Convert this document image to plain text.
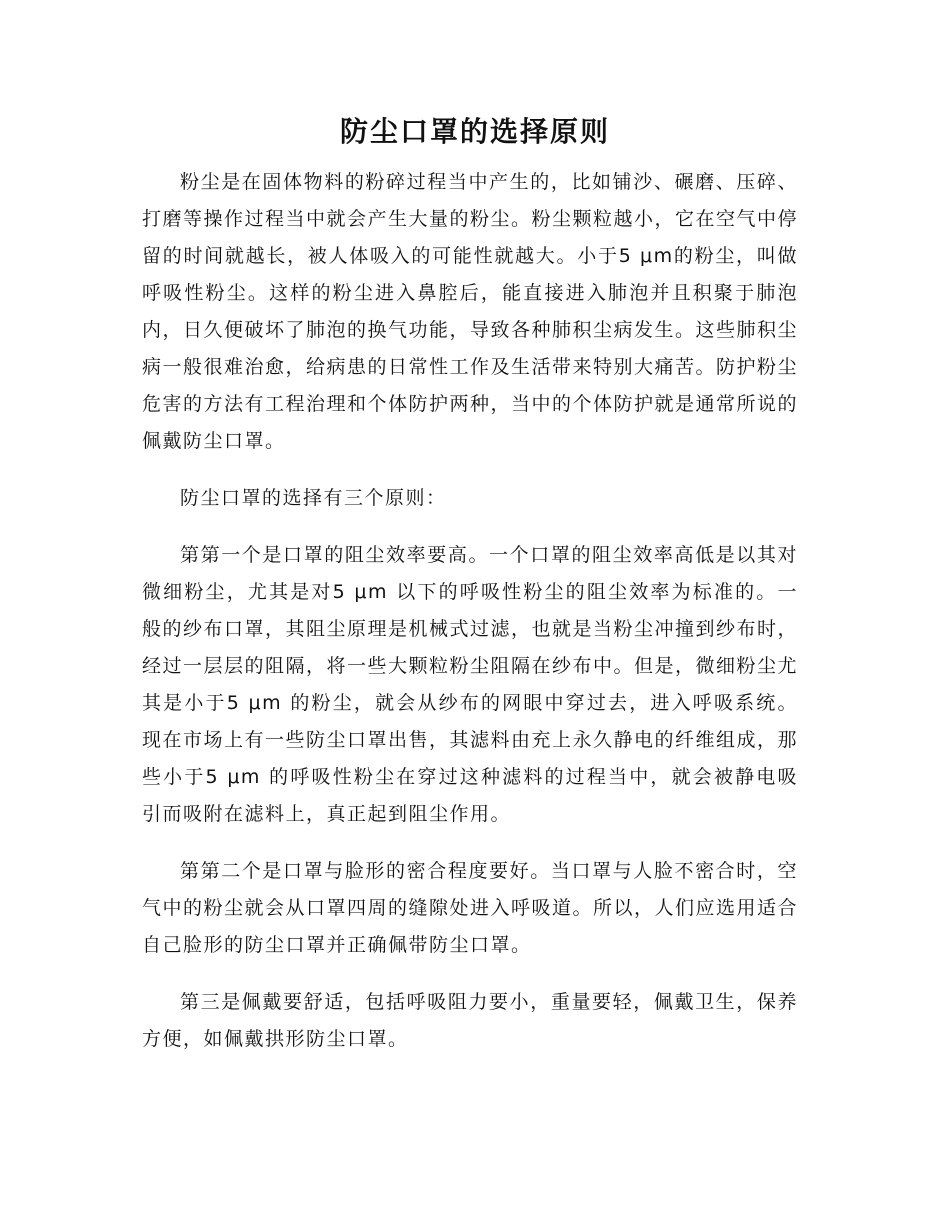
防尘口罩的选择原则

粉尘是在固体物料的粉碎过程当中产生的，比如铺沙、碾磨、压碎、打磨等操作过程当中就会产生大量的粉尘。粉尘颗粒越小，它在空气中停留的时间就越长，被人体吸入的可能性就越大。小于5 μm的粉尘，叫做呼吸性粉尘。这样的粉尘进入鼻腔后，能直接进入肺泡并且积聚于肺泡内，日久便破坏了肺泡的换气功能，导致各种肺积尘病发生。这些肺积尘病一般很难治愈，给病患的日常性工作及生活带来特别大痛苦。防护粉尘危害的方法有工程治理和个体防护两种，当中的个体防护就是通常所说的佩戴防尘口罩。

防尘口罩的选择有三个原则：

第第一个是口罩的阻尘效率要高。一个口罩的阻尘效率高低是以其对微细粉尘，尤其是对5 μm 以下的呼吸性粉尘的阻尘效率为标准的。一般的纱布口罩，其阻尘原理是机械式过滤，也就是当粉尘冲撞到纱布时，经过一层层的阻隔，将一些大颗粒粉尘阻隔在纱布中。但是，微细粉尘尤其是小于5 μm 的粉尘，就会从纱布的网眼中穿过去，进入呼吸系统。现在市场上有一些防尘口罩出售，其滤料由充上永久静电的纤维组成，那些小于5 μm 的呼吸性粉尘在穿过这种滤料的过程当中，就会被静电吸引而吸附在滤料上，真正起到阻尘作用。

第第二个是口罩与脸形的密合程度要好。当口罩与人脸不密合时，空气中的粉尘就会从口罩四周的缝隙处进入呼吸道。所以，人们应选用适合自己脸形的防尘口罩并正确佩带防尘口罩。

第三是佩戴要舒适，包括呼吸阻力要小，重量要轻，佩戴卫生，保养方便，如佩戴拱形防尘口罩。
